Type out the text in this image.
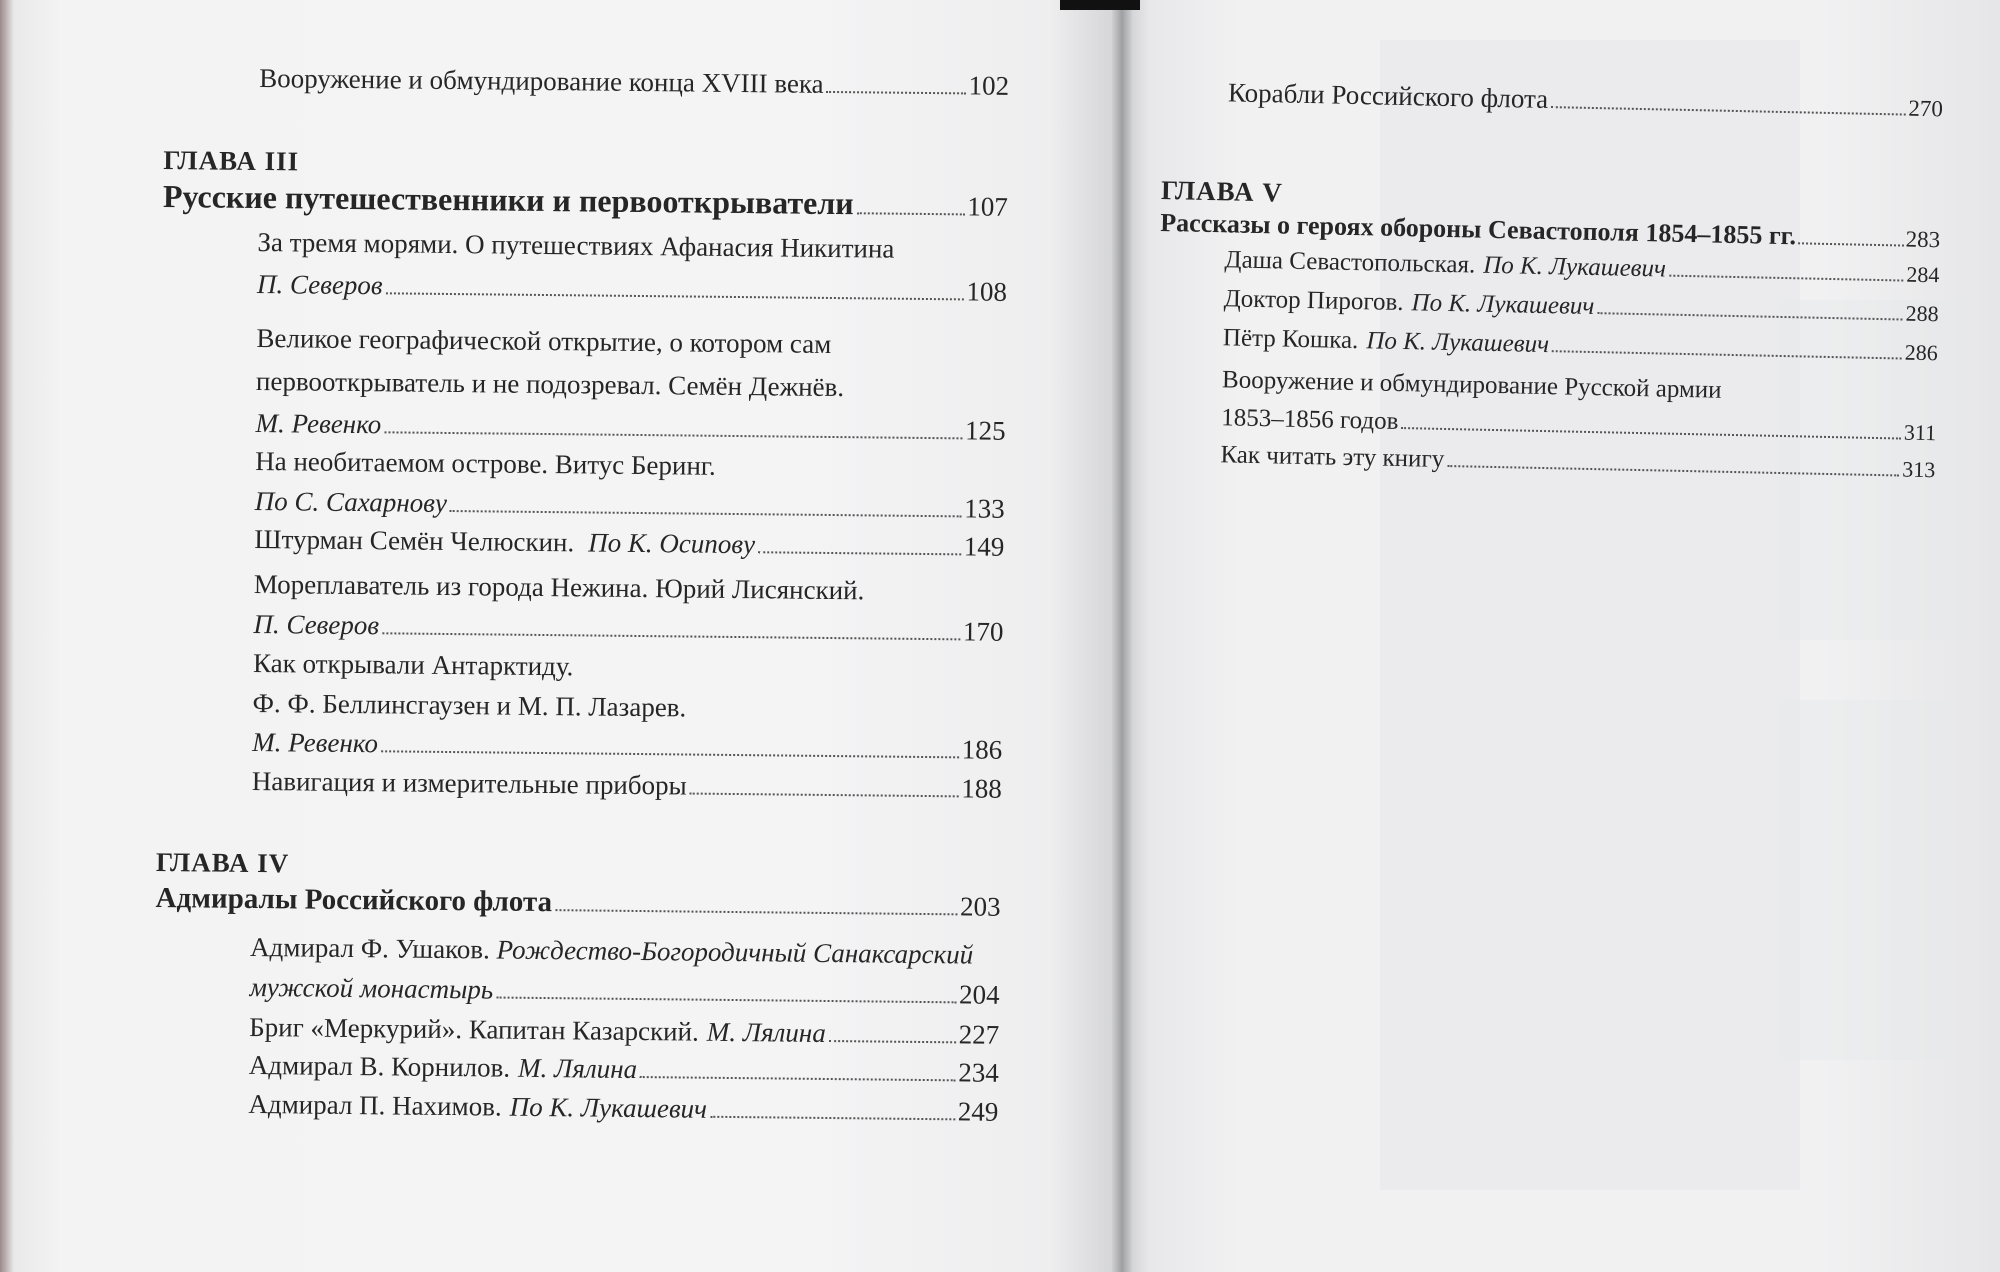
Вооружение и обмундирование конца XVIII века	102
ГЛАВА III
Русские путешественники и первооткрыватели	107
За тремя морями. О путешествиях Афанасия Никитина
П. Северов	108
Великое географической открытие, о котором сам
первооткрыватель и не подозревал. Семён Дежнёв.
М. Ревенко	125
На необитаемом острове. Витус Беринг.
По С. Сахарнову	133
Штурман Семён Челюскин. По К. Осипову	149
Мореплаватель из города Нежина. Юрий Лисянский.
П. Северов	170
Как открывали Антарктиду.
Ф. Ф. Беллинсгаузен и М. П. Лазарев.
М. Ревенко	186
Навигация и измерительные приборы	188
ГЛАВА IV
Адмиралы Российского флота	203
Адмирал Ф. Ушаков. Рождество-Богородичный Санаксарский
мужской монастырь	204
Бриг «Меркурий». Капитан Казарский. М. Лялина	227
Адмирал В. Корнилов. М. Лялина	234
Адмирал П. Нахимов. По К. Лукашевич	249
Корабли Российского флота	270
ГЛАВА V
Рассказы о героях обороны Севастополя 1854–1855 гг.	283
Даша Севастопольская. По К. Лукашевич	284
Доктор Пирогов. По К. Лукашевич	288
Пётр Кошка. По К. Лукашевич	286
Вооружение и обмундирование Русской армии
1853–1856 годов	311
Как читать эту книгу	313
